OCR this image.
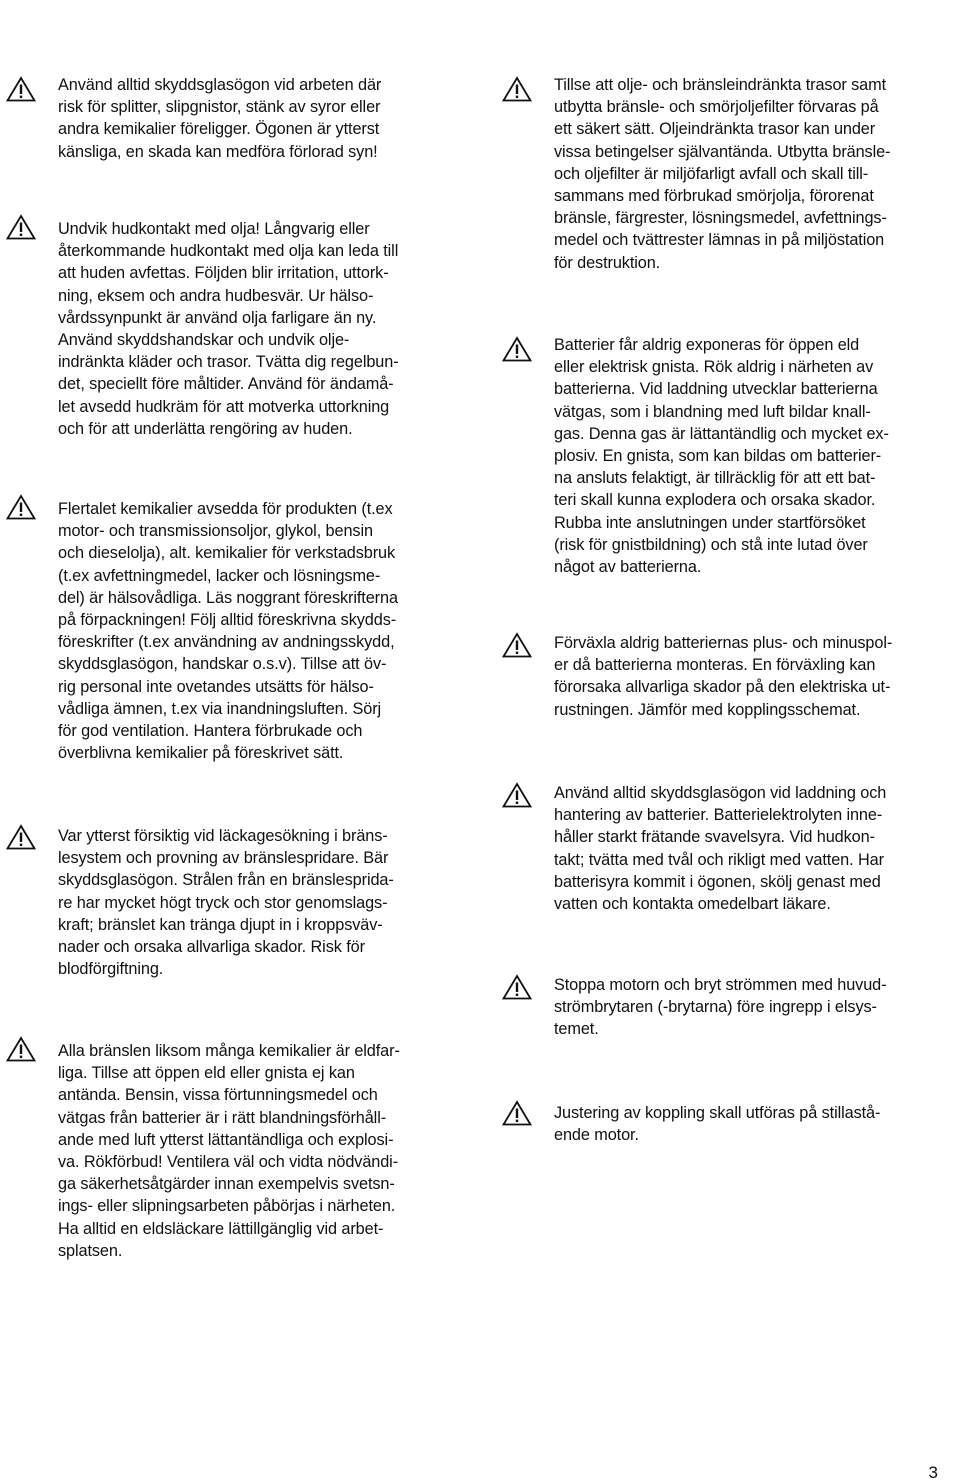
Använd alltid skyddsglasögon vid arbeten där
risk för splitter, slipgnistor, stänk av syror eller
andra kemikalier föreligger. Ögonen är ytterst
känsliga, en skada kan medföra förlorad syn!

Undvik hudkontakt med olja! Långvarig eller
återkommande hudkontakt med olja kan leda till
att huden avfettas. Följden blir irritation, uttork-
ning, eksem och andra hudbesvär. Ur hälso-
vårdssynpunkt är använd olja farligare än ny.
Använd skyddshandskar och undvik olje-
indränkta kläder och trasor. Tvätta dig regelbun-
det, speciellt före måltider. Använd för ändamå-
let avsedd hudkräm för att motverka uttorkning
och för att underlätta rengöring av huden.

Flertalet kemikalier avsedda för produkten (t.ex
motor- och transmissionsoljor, glykol, bensin
och dieselolja), alt. kemikalier för verkstadsbruk
(t.ex avfettningmedel, lacker och lösningsme-
del) är hälsovådliga. Läs noggrant föreskrifterna
på förpackningen! Följ alltid föreskrivna skydds-
föreskrifter (t.ex användning av andningsskydd,
skyddsglasögon, handskar o.s.v). Tillse att öv-
rig personal inte ovetandes utsätts för hälso-
vådliga ämnen, t.ex via inandningsluften. Sörj
för god ventilation. Hantera förbrukade och
överblivna kemikalier på föreskrivet sätt.

Var ytterst försiktig vid läckagesökning i bräns-
lesystem och provning av bränslespridare. Bär
skyddsglasögon. Strålen från en bränslesprida-
re har mycket högt tryck och stor genomslags-
kraft; bränslet kan tränga djupt in i kroppsväv-
nader och orsaka allvarliga skador. Risk för
blodförgiftning.

Alla bränslen liksom många kemikalier är eldfar-
liga. Tillse att öppen eld eller gnista ej kan
antända. Bensin, vissa förtunningsmedel och
vätgas från batterier är i rätt blandningsförhåll-
ande med luft ytterst lättantändliga och explosi-
va. Rökförbud! Ventilera väl och vidta nödvändi-
ga säkerhetsåtgärder innan exempelvis svetsn-
ings- eller slipningsarbeten påbörjas i närheten.
Ha alltid en eldsläckare lättillgänglig vid arbet-
splatsen.

Tillse att olje- och bränsleindränkta trasor samt
utbytta bränsle- och smörjoljefilter förvaras på
ett säkert sätt. Oljeindränkta trasor kan under
vissa betingelser självantända. Utbytta bränsle-
och oljefilter är miljöfarligt avfall och skall till-
sammans med förbrukad smörjolja, förorenat
bränsle, färgrester, lösningsmedel, avfettnings-
medel och tvättrester lämnas in på miljöstation
för destruktion.

Batterier får aldrig exponeras för öppen eld
eller elektrisk gnista. Rök aldrig i närheten av
batterierna. Vid laddning utvecklar batterierna
vätgas, som i blandning med luft bildar knall-
gas. Denna gas är lättantändlig och mycket ex-
plosiv. En gnista, som kan bildas om batterier-
na ansluts felaktigt, är tillräcklig för att ett bat-
teri skall kunna explodera och orsaka skador.
Rubba inte anslutningen under startförsöket
(risk för gnistbildning) och stå inte lutad över
något av batterierna.

Förväxla aldrig batteriernas plus- och minuspol-
er då batterierna monteras. En förväxling kan
förorsaka allvarliga skador på den elektriska ut-
rustningen. Jämför med kopplingsschemat.

Använd alltid skyddsglasögon vid laddning och
hantering av batterier. Batterielektrolyten inne-
håller starkt frätande svavelsyra. Vid hudkon-
takt; tvätta med tvål och rikligt med vatten. Har
batterisyra kommit i ögonen, skölj genast med
vatten och kontakta omedelbart läkare.

Stoppa motorn och bryt strömmen med huvud-
strömbrytaren (-brytarna) före ingrepp i elsys-
temet.

Justering av koppling skall utföras på stillastå-
ende motor.

3
